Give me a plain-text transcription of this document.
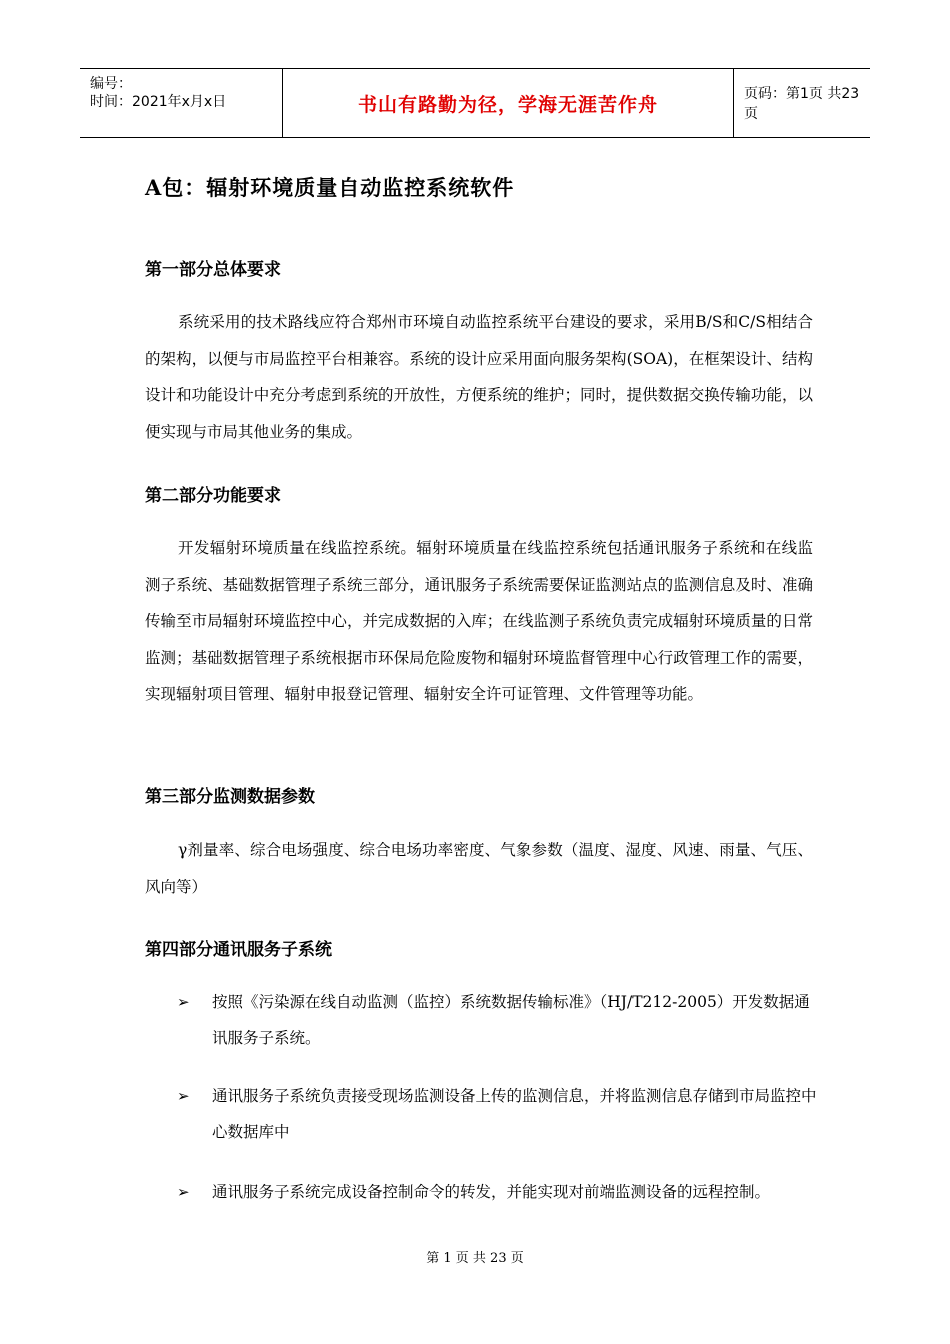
编号：
时间：2021年x月x日	书山有路勤为径，学海无涯苦作舟	页码：第1页 共23页
A包：辐射环境质量自动监控系统软件
第一部分总体要求

系统采用的技术路线应符合郑州市环境自动监控系统平台建设的要求，采用B/S和C/S相结合的架构，以便与市局监控平台相兼容。系统的设计应采用面向服务架构(SOA)，在框架设计、结构设计和功能设计中充分考虑到系统的开放性，方便系统的维护；同时，提供数据交换传输功能，以便实现与市局其他业务的集成。

第二部分功能要求

开发辐射环境质量在线监控系统。辐射环境质量在线监控系统包括通讯服务子系统和在线监测子系统、基础数据管理子系统三部分，通讯服务子系统需要保证监测站点的监测信息及时、准确传输至市局辐射环境监控中心，并完成数据的入库；在线监测子系统负责完成辐射环境质量的日常监测；基础数据管理子系统根据市环保局危险废物和辐射环境监督管理中心行政管理工作的需要，实现辐射项目管理、辐射申报登记管理、辐射安全许可证管理、文件管理等功能。

第三部分监测数据参数

γ剂量率、综合电场强度、综合电场功率密度、气象参数（温度、湿度、风速、雨量、气压、风向等）

第四部分通讯服务子系统
➢ 按照《污染源在线自动监测（监控）系统数据传输标准》（HJ/T212-2005）开发数据通讯服务子系统。

➢ 通讯服务子系统负责接受现场监测设备上传的监测信息，并将监测信息存储到市局监控中心数据库中

➢ 通讯服务子系统完成设备控制命令的转发，并能实现对前端监测设备的远程控制。

第 1 页 共 23 页
